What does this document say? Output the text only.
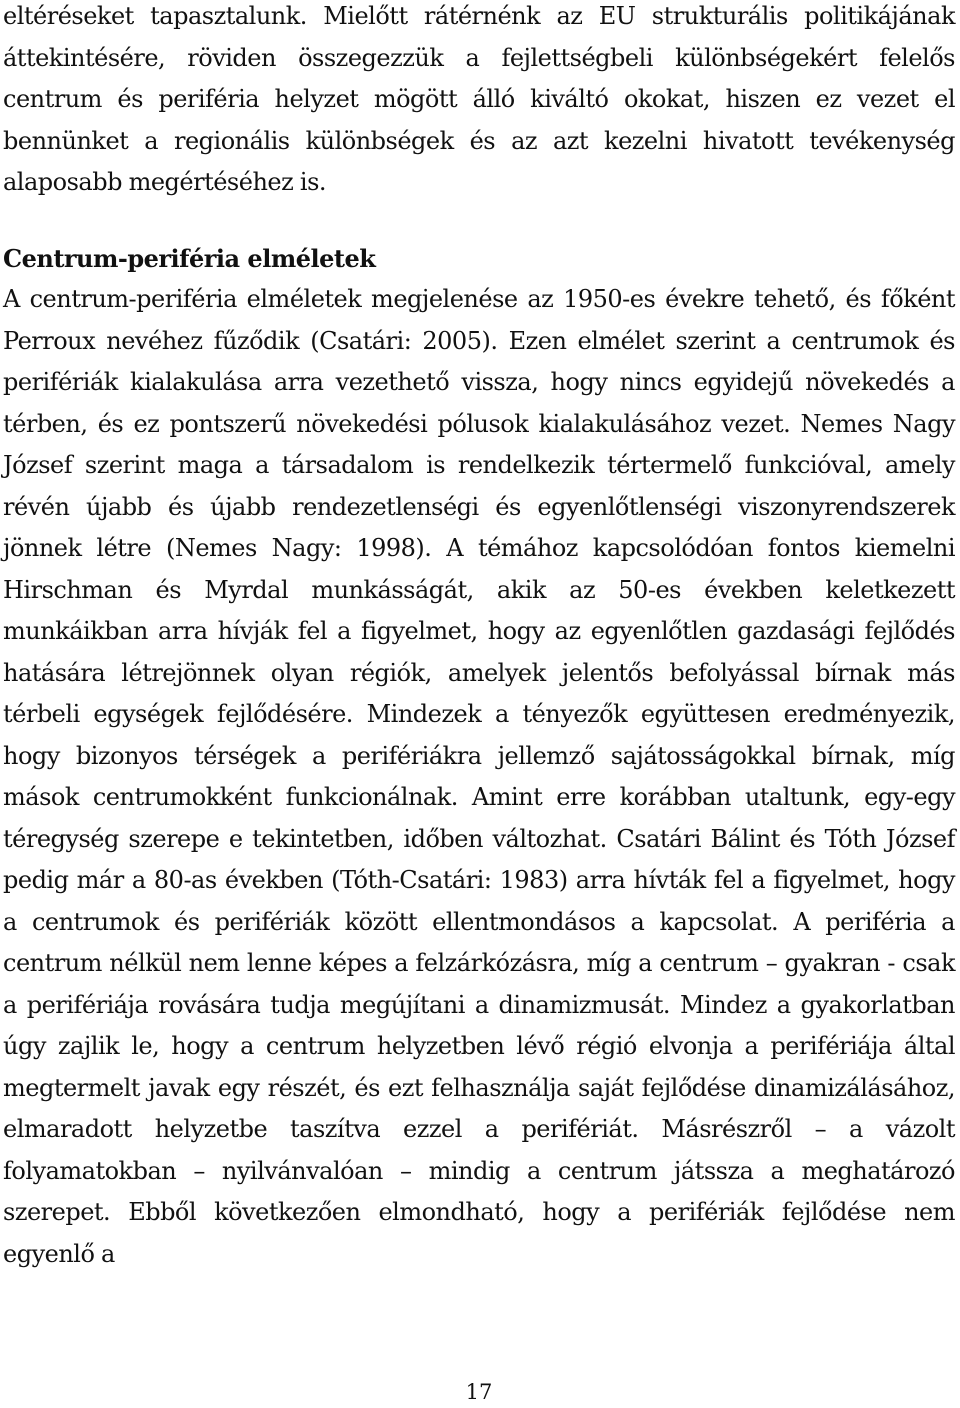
eltéréseket tapasztalunk. Mielőtt rátérnénk az EU strukturális politikájának áttekintésére, röviden összegezzük a fejlettségbeli különbségekért felelős centrum és periféria helyzet mögött álló kiváltó okokat, hiszen ez vezet el bennünket a regionális különbségek és az azt kezelni hivatott tevékenység alaposabb megértéséhez is.

Centrum-periféria elméletek

A centrum-periféria elméletek megjelenése az 1950-es évekre tehető, és főként Perroux nevéhez fűződik (Csatári: 2005). Ezen elmélet szerint a centrumok és perifériák kialakulása arra vezethető vissza, hogy nincs egyidejű növekedés a térben, és ez pontszerű növekedési pólusok kialakulásához vezet. Nemes Nagy József szerint maga a társadalom is rendelkezik tértermelő funkcióval, amely révén újabb és újabb rendezetlenségi és egyenlőtlenségi viszonyrendszerek jönnek létre (Nemes Nagy: 1998). A témához kapcsolódóan fontos kiemelni Hirschman és Myrdal munkásságát, akik az 50-es években keletkezett munkáikban arra hívják fel a figyelmet, hogy az egyenlőtlen gazdasági fejlődés hatására létrejönnek olyan régiók, amelyek jelentős befolyással bírnak más térbeli egységek fejlődésére. Mindezek a tényezők együttesen eredményezik, hogy bizonyos térségek a perifériákra jellemző sajátosságokkal bírnak, míg mások centrumokként funkcionálnak. Amint erre korábban utaltunk, egy-egy téregység szerepe e tekintetben, időben változhat. Csatári Bálint és Tóth József pedig már a 80-as években (Tóth-Csatári: 1983) arra hívták fel a figyelmet, hogy a centrumok és perifériák között ellentmondásos a kapcsolat. A periféria a centrum nélkül nem lenne képes a felzárkózásra, míg a centrum – gyakran - csak a perifériája rovására tudja megújítani a dinamizmusát. Mindez a gyakorlatban úgy zajlik le, hogy a centrum helyzetben lévő régió elvonja a perifériája által megtermelt javak egy részét, és ezt felhasználja saját fejlődése dinamizálásához, elmaradott helyzetbe taszítva ezzel a perifériát. Másrészről – a vázolt folyamatokban – nyilvánvalóan – mindig a centrum játssza a meghatározó szerepet. Ebből következően elmondható, hogy a perifériák fejlődése nem egyenlő a

17
